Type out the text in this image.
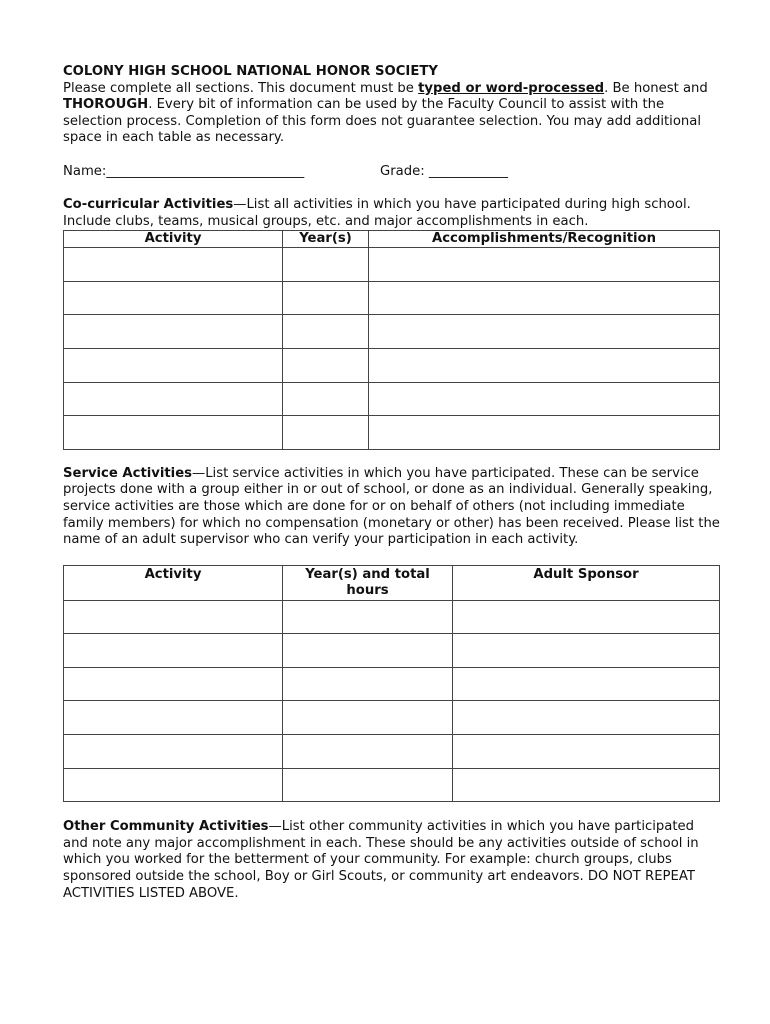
COLONY HIGH SCHOOL NATIONAL HONOR SOCIETY

Please complete all sections. This document must be typed or word-processed. Be honest and THOROUGH. Every bit of information can be used by the Faculty Council to assist with the selection process. Completion of this form does not guarantee selection. You may add additional space in each table as necessary.

Name:______________________________	Grade: ____________

Co-curricular Activities—List all activities in which you have participated during high school. Include clubs, teams, musical groups, etc. and major accomplishments in each.

Activity	Year(s)	Accomplishments/Recognition

Service Activities—List service activities in which you have participated. These can be service projects done with a group either in or out of school, or done as an individual. Generally speaking, service activities are those which are done for or on behalf of others (not including immediate family members) for which no compensation (monetary or other) has been received. Please list the name of an adult supervisor who can verify your participation in each activity.

Activity	Year(s) and total hours	Adult Sponsor

Other Community Activities—List other community activities in which you have participated and note any major accomplishment in each. These should be any activities outside of school in which you worked for the betterment of your community. For example: church groups, clubs sponsored outside the school, Boy or Girl Scouts, or community art endeavors. DO NOT REPEAT ACTIVITIES LISTED ABOVE.
